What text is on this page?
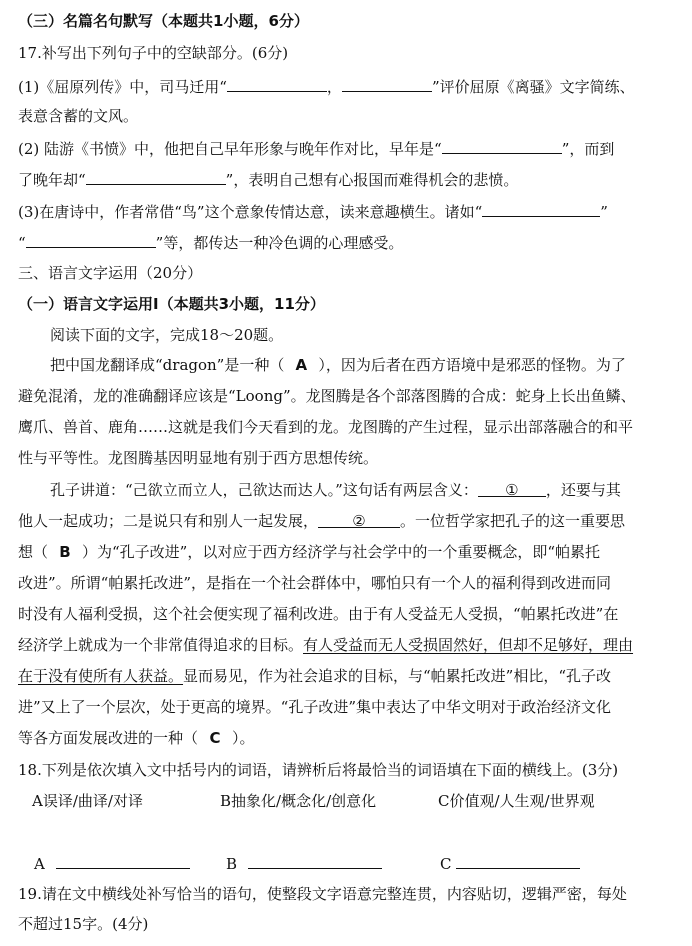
（三）名篇名句默写（本题共1小题，6分）
17.补写出下列句子中的空缺部分。(6分)
(1)《屈原列传》中，司马迁用“	，	”评价屈原《离骚》文字简练、
表意含蓄的文风。
(2) 陆游《书愤》中，他把自己早年形象与晚年作对比，早年是“	”，而到
了晚年却“	”，表明自己想有心报国而难得机会的悲愤。
(3)在唐诗中，作者常借“鸟”这个意象传情达意，读来意趣横生。诸如“	”
“	”等，都传达一种冷色调的心理感受。
三、语言文字运用（20分）
（一）语言文字运用Ⅰ（本题共3小题，11分）
阅读下面的文字，完成18～20题。
把中国龙翻译成“dragon”是一种（ A ），因为后者在西方语境中是邪恶的怪物。为了
避免混淆，龙的准确翻译应该是“Loong”。龙图腾是各个部落图腾的合成：蛇身上长出鱼鳞、
鹰爪、兽首、鹿角……这就是我们今天看到的龙。龙图腾的产生过程，显示出部落融合的和平
性与平等性。龙图腾基因明显地有别于西方思想传统。
孔子讲道：“己欲立而立人，己欲达而达人。”这句话有两层含义： ① ，还要与其
他人一起成功；二是说只有和别人一起发展， ② 。一位哲学家把孔子的这一重要思
想（ B ）为“孔子改进”，以对应于西方经济学与社会学中的一个重要概念，即“帕累托
改进”。所谓“帕累托改进”，是指在一个社会群体中，哪怕只有一个人的福利得到改进而同
时没有人福利受损，这个社会便实现了福利改进。由于有人受益无人受损，“帕累托改进”在
经济学上就成为一个非常值得追求的目标。有人受益而无人受损固然好，但却不足够好，理由
在于没有使所有人获益。显而易见，作为社会追求的目标，与“帕累托改进”相比，“孔子改
进”又上了一个层次，处于更高的境界。“孔子改进”集中表达了中华文明对于政治经济文化
等各方面发展改进的一种（ C ）。
18.下列是依次填入文中括号内的词语，请辨析后将最恰当的词语填在下面的横线上。(3分)
A误译/曲译/对译	B抽象化/概念化/创意化	C价值观/人生观/世界观
A	B	C
19.请在文中横线处补写恰当的语句，使整段文字语意完整连贯，内容贴切，逻辑严密，每处
不超过15字。(4分)
